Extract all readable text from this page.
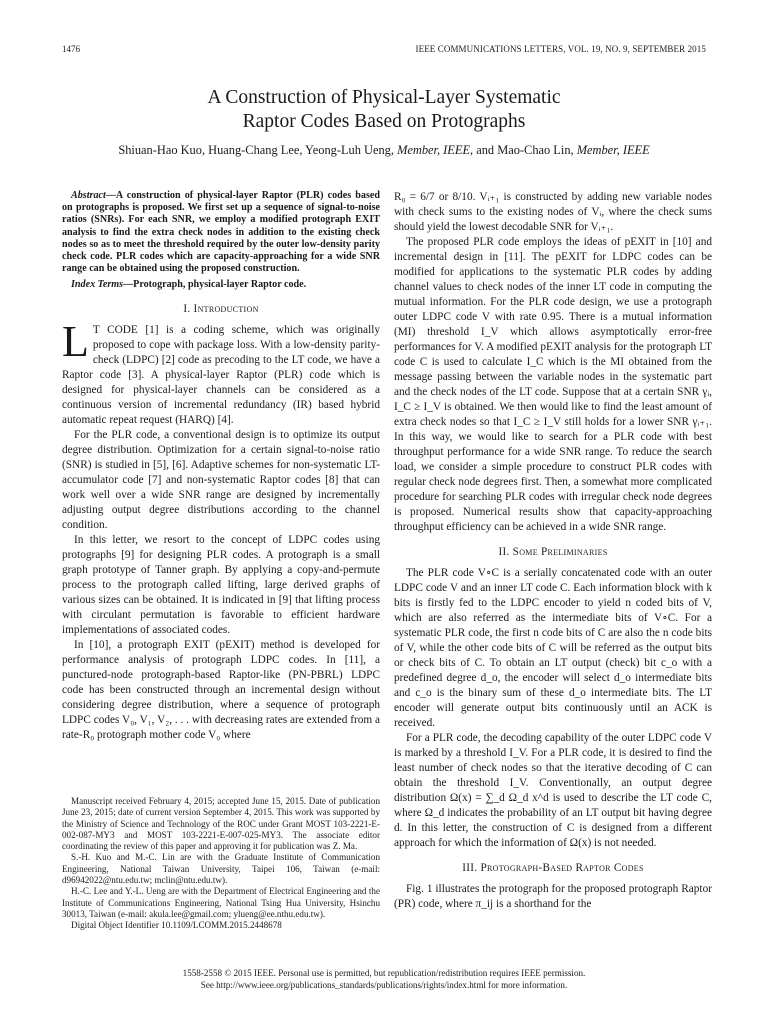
1476	IEEE COMMUNICATIONS LETTERS, VOL. 19, NO. 9, SEPTEMBER 2015
A Construction of Physical-Layer Systematic
Raptor Codes Based on Protographs
Shiuan-Hao Kuo, Huang-Chang Lee, Yeong-Luh Ueng, Member, IEEE, and Mao-Chao Lin, Member, IEEE
Abstract—A construction of physical-layer Raptor (PLR) codes based on protographs is proposed. We first set up a sequence of signal-to-noise ratios (SNRs). For each SNR, we employ a modified protograph EXIT analysis to find the extra check nodes in addition to the existing check nodes so as to meet the threshold required by the outer low-density parity check code. PLR codes which are capacity-approaching for a wide SNR range can be obtained using the proposed construction.
Index Terms—Protograph, physical-layer Raptor code.
I. Introduction

L T CODE [1] is a coding scheme, which was originally proposed to cope with package loss. With a low-density parity-check (LDPC) [2] code as precoding to the LT code, we have a Raptor code [3]. A physical-layer Raptor (PLR) code which is designed for physical-layer channels can be considered as a continuous version of incremental redundancy (IR) based hybrid automatic repeat request (HARQ) [4].

For the PLR code, a conventional design is to optimize its output degree distribution. Optimization for a certain signal-to-noise ratio (SNR) is studied in [5], [6]. Adaptive schemes for non-systematic LT-accumulator code [7] and non-systematic Raptor codes [8] that can work well over a wide SNR range are designed by incrementally adjusting output degree distributions according to the channel condition.

In this letter, we resort to the concept of LDPC codes using protographs [9] for designing PLR codes. A protograph is a small graph prototype of Tanner graph. By applying a copy-and-permute process to the protograph called lifting, large derived graphs of various sizes can be obtained. It is indicated in [9] that lifting process with circulant permutation is favorable to efficient hardware implementations of associated codes.

In [10], a protograph EXIT (pEXIT) method is developed for performance analysis of protograph LDPC codes. In [11], a punctured-node protograph-based Raptor-like (PN-PBRL) LDPC code has been constructed through an incremental design without considering degree distribution, where a sequence of protograph LDPC codes V₀, V₁, V₂, . . . with decreasing rates are extended from a rate-R₀ protograph mother code V₀ where

Manuscript received February 4, 2015; accepted June 15, 2015. Date of publication June 23, 2015; date of current version September 4, 2015. This work was supported by the Ministry of Science and Technology of the ROC under Grant MOST 103-2221-E-002-087-MY3 and MOST 103-2221-E-007-025-MY3. The associate editor coordinating the review of this paper and approving it for publication was Z. Ma.

S.-H. Kuo and M.-C. Lin are with the Graduate Institute of Communication Engineering, National Taiwan University, Taipei 106, Taiwan (e-mail: d96942022@ntu.edu.tw; mclin@ntu.edu.tw).

H.-C. Lee and Y.-L. Ueng are with the Department of Electrical Engineering and the Institute of Communications Engineering, National Tsing Hua University, Hsinchu 30013, Taiwan (e-mail: akula.lee@gmail.com; ylueng@ee.nthu.edu.tw).

Digital Object Identifier 10.1109/LCOMM.2015.2448678

R₀ = 6/7 or 8/10. Vᵢ₊₁ is constructed by adding new variable nodes with check sums to the existing nodes of Vᵢ, where the check sums should yield the lowest decodable SNR for Vᵢ₊₁.

The proposed PLR code employs the ideas of pEXIT in [10] and incremental design in [11]. The pEXIT for LDPC codes can be modified for applications to the systematic PLR codes by adding channel values to check nodes of the inner LT code in computing the mutual information. For the PLR code design, we use a protograph outer LDPC code V with rate 0.95. There is a mutual information (MI) threshold I_V which allows asymptotically error-free performances for V. A modified pEXIT analysis for the protograph LT code C is used to calculate I_C which is the MI obtained from the message passing between the variable nodes in the systematic part and the check nodes of the LT code. Suppose that at a certain SNR γᵢ, I_C ≥ I_V is obtained. We then would like to find the least amount of extra check nodes so that I_C ≥ I_V still holds for a lower SNR γᵢ₊₁. In this way, we would like to search for a PLR code with best throughput performance for a wide SNR range. To reduce the search load, we consider a simple procedure to construct PLR codes with regular check node degrees first. Then, a somewhat more complicated procedure for searching PLR codes with irregular check node degrees is proposed. Numerical results show that capacity-approaching throughput efficiency can be achieved in a wide SNR range.

II. Some Preliminaries

The PLR code V∘C is a serially concatenated code with an outer LDPC code V and an inner LT code C. Each information block with k bits is firstly fed to the LDPC encoder to yield n coded bits of V, which are also referred as the intermediate bits of V∘C. For a systematic PLR code, the first n code bits of C are also the n code bits of V, while the other code bits of C will be referred as the output bits or check bits of C. To obtain an LT output (check) bit c_o with a predefined degree d_o, the encoder will select d_o intermediate bits and c_o is the binary sum of these d_o intermediate bits. The LT encoder will generate output bits continuously until an ACK is received.

For a PLR code, the decoding capability of the outer LDPC code V is marked by a threshold I_V. For a PLR code, it is desired to find the least number of check nodes so that the iterative decoding of C can obtain the threshold I_V. Conventionally, an output degree distribution Ω(x) = ∑_d Ω_d x^d is used to describe the LT code C, where Ω_d indicates the probability of an LT output bit having degree d. In this letter, the construction of C is designed from a different approach for which the information of Ω(x) is not needed.

III. Protograph-Based Raptor Codes

Fig. 1 illustrates the protograph for the proposed protograph Raptor (PR) code, where π_ij is a shorthand for the

1558-2558 © 2015 IEEE. Personal use is permitted, but republication/redistribution requires IEEE permission.
See http://www.ieee.org/publications_standards/publications/rights/index.html for more information.
